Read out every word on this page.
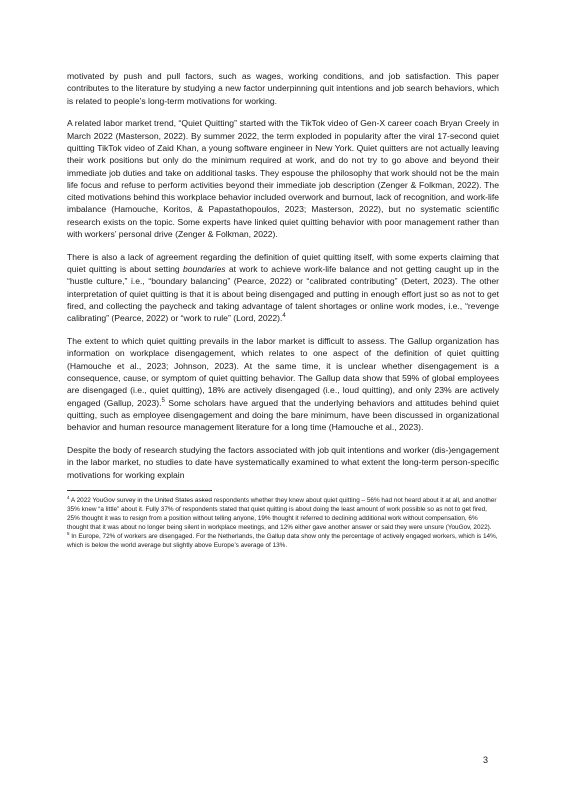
motivated by push and pull factors, such as wages, working conditions, and job satisfaction. This paper contributes to the literature by studying a new factor underpinning quit intentions and job search behaviors, which is related to people’s long-term motivations for working.

A related labor market trend, “Quiet Quitting” started with the TikTok video of Gen-X career coach Bryan Creely in March 2022 (Masterson, 2022). By summer 2022, the term exploded in popularity after the viral 17-second quiet quitting TikTok video of Zaid Khan, a young software engineer in New York. Quiet quitters are not actually leaving their work positions but only do the minimum required at work, and do not try to go above and beyond their immediate job duties and take on additional tasks. They espouse the philosophy that work should not be the main life focus and refuse to perform activities beyond their immediate job description (Zenger & Folkman, 2022). The cited motivations behind this workplace behavior included overwork and burnout, lack of recognition, and work-life imbalance (Hamouche, Koritos, & Papastathopoulos, 2023; Masterson, 2022), but no systematic scientific research exists on the topic. Some experts have linked quiet quitting behavior with poor management rather than with workers’ personal drive (Zenger & Folkman, 2022).

There is also a lack of agreement regarding the definition of quiet quitting itself, with some experts claiming that quiet quitting is about setting boundaries at work to achieve work-life balance and not getting caught up in the “hustle culture,” i.e., “boundary balancing” (Pearce, 2022) or “calibrated contributing” (Detert, 2023). The other interpretation of quiet quitting is that it is about being disengaged and putting in enough effort just so as not to get fired, and collecting the paycheck and taking advantage of talent shortages or online work modes, i.e., “revenge calibrating” (Pearce, 2022) or “work to rule” (Lord, 2022).$^4$

The extent to which quiet quitting prevails in the labor market is difficult to assess. The Gallup organization has information on workplace disengagement, which relates to one aspect of the definition of quiet quitting (Hamouche et al., 2023; Johnson, 2023). At the same time, it is unclear whether disengagement is a consequence, cause, or symptom of quiet quitting behavior. The Gallup data show that 59% of global employees are disengaged (i.e., quiet quitting), 18% are actively disengaged (i.e., loud quitting), and only 23% are actively engaged (Gallup, 2023).$^5$ Some scholars have argued that the underlying behaviors and attitudes behind quiet quitting, such as employee disengagement and doing the bare minimum, have been discussed in organizational behavior and human resource management literature for a long time (Hamouche et al., 2023).

Despite the body of research studying the factors associated with job quit intentions and worker (dis-)engagement in the labor market, no studies to date have systematically examined to what extent the long-term person-specific motivations for working explain

$^4$ A 2022 YouGov survey in the United States asked respondents whether they knew about quiet quitting – 56% had not heard about it at all, and another 35% knew “a little” about it. Fully 37% of respondents stated that quiet quitting is about doing the least amount of work possible so as not to get fired, 25% thought it was to resign from a position without telling anyone, 19% thought it referred to declining additional work without compensation, 6% thought that it was about no longer being silent in workplace meetings, and 12% either gave another answer or said they were unsure (YouGov, 2022).

$^5$ In Europe, 72% of workers are disengaged. For the Netherlands, the Gallup data show only the percentage of actively engaged workers, which is 14%, which is below the world average but slightly above Europe’s average of 13%.

3
